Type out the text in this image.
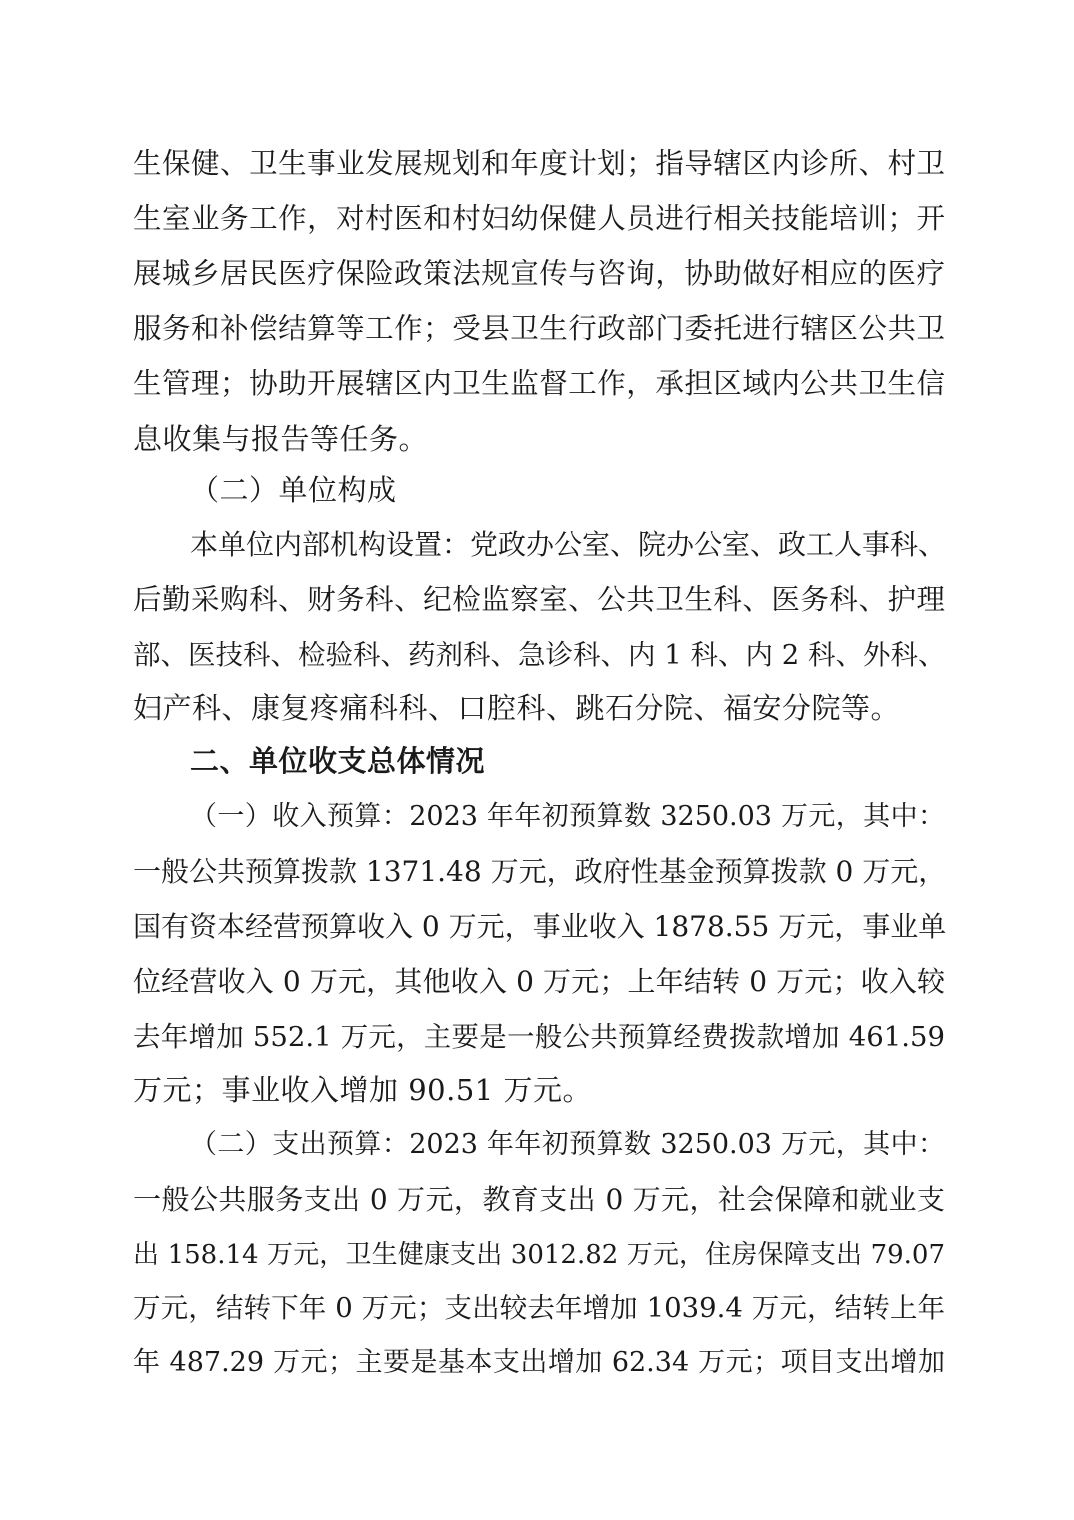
生保健、卫生事业发展规划和年度计划；指导辖区内诊所、村卫
生室业务工作，对村医和村妇幼保健人员进行相关技能培训；开
展城乡居民医疗保险政策法规宣传与咨询，协助做好相应的医疗
服务和补偿结算等工作；受县卫生行政部门委托进行辖区公共卫
生管理；协助开展辖区内卫生监督工作，承担区域内公共卫生信
息收集与报告等任务。
（二）单位构成
本单位内部机构设置：党政办公室、院办公室、政工人事科、
后勤采购科、财务科、纪检监察室、公共卫生科、医务科、护理
部、医技科、检验科、药剂科、急诊科、内 1 科、内 2 科、外科、
妇产科、康复疼痛科科、口腔科、跳石分院、福安分院等。
二、单位收支总体情况
（一）收入预算：2023 年年初预算数 3250.03 万元，其中：
一般公共预算拨款 1371.48 万元，政府性基金预算拨款 0 万元，
国有资本经营预算收入 0 万元，事业收入 1878.55 万元，事业单
位经营收入 0 万元，其他收入 0 万元；上年结转 0 万元；收入较
去年增加 552.1 万元，主要是一般公共预算经费拨款增加 461.59
万元；事业收入增加 90.51 万元。
（二）支出预算：2023 年年初预算数 3250.03 万元，其中：
一般公共服务支出 0 万元，教育支出 0 万元，社会保障和就业支
出 158.14 万元，卫生健康支出 3012.82 万元，住房保障支出 79.07
万元，结转下年 0 万元；支出较去年增加 1039.4 万元，结转上年
年 487.29 万元；主要是基本支出增加 62.34 万元；项目支出增加
